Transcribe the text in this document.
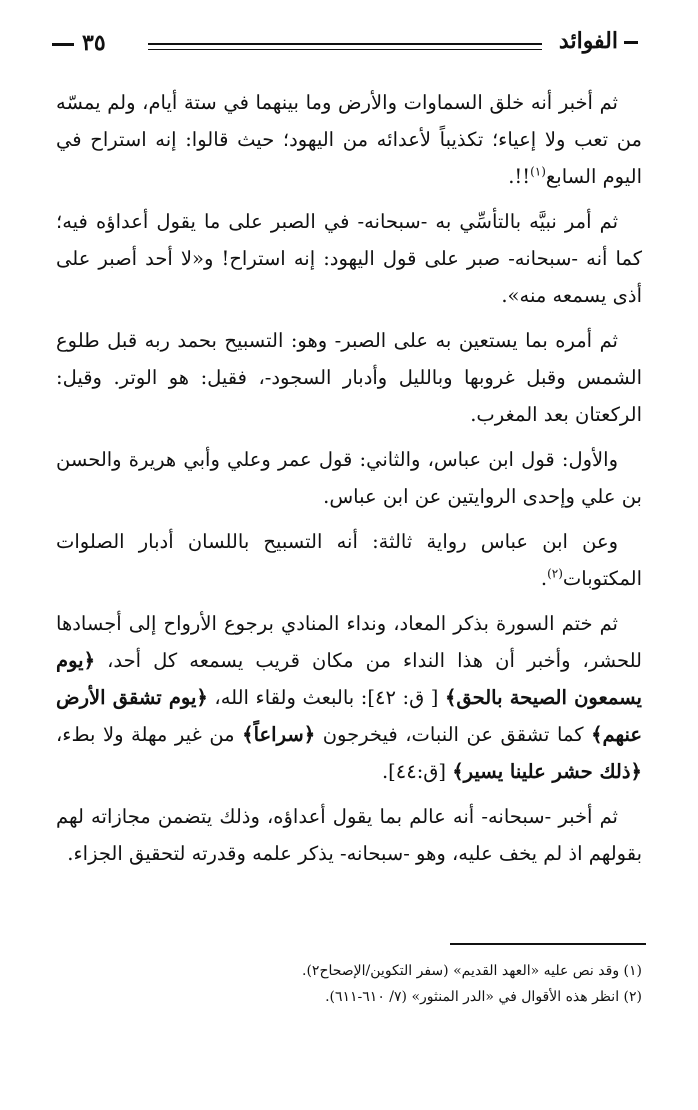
٣٥	الفوائد

ثم أخبر أنه خلق السماوات والأرض وما بينهما في ستة أيام، ولم يمسّه من تعب ولا إعياء؛ تكذيباً لأعدائه من اليهود؛ حيث قالوا: إنه استراح في اليوم السابع$^{(١)}$!!.

ثم أمر نبيَّه بالتأسِّي به -سبحانه- في الصبر على ما يقول أعداؤه فيه؛ كما أنه -سبحانه- صبر على قول اليهود: إنه استراح! و«لا أحد أصبر على أذى يسمعه منه».

ثم أمره بما يستعين به على الصبر- وهو: التسبيح بحمد ربه قبل طلوع الشمس وقبل غروبها وبالليل وأدبار السجود-، فقيل: هو الوتر. وقيل: الركعتان بعد المغرب.

والأول: قول ابن عباس، والثاني: قول عمر وعلي وأبي هريرة والحسن بن علي وإحدى الروايتين عن ابن عباس.

وعن ابن عباس رواية ثالثة: أنه التسبيح باللسان أدبار الصلوات المكتوبات$^{(٢)}$.

ثم ختم السورة بذكر المعاد، ونداء المنادي برجوع الأرواح إلى أجسادها للحشر، وأخبر أن هذا النداء من مكان قريب يسمعه كل أحد، ﴿يوم يسمعون الصيحة بالحق﴾ [ ق: ٤٢]: بالبعث ولقاء الله، ﴿يوم تشقق الأرض عنهم﴾ كما تشقق عن النبات، فيخرجون ﴿سراعاً﴾ من غير مهلة ولا بطء، ﴿ذلك حشر علينا يسير﴾ [ق:٤٤].

ثم أخبر -سبحانه- أنه عالم بما يقول أعداؤه، وذلك يتضمن مجازاته لهم بقولهم اذ لم يخف عليه، وهو -سبحانه- يذكر علمه وقدرته لتحقيق الجزاء.

(١) وقد نص عليه «العهد القديم» (سفر التكوين/الإصحاح٢).

(٢) انظر هذه الأقوال في «الدر المنثور» (٧/ ٦١٠-٦١١).
